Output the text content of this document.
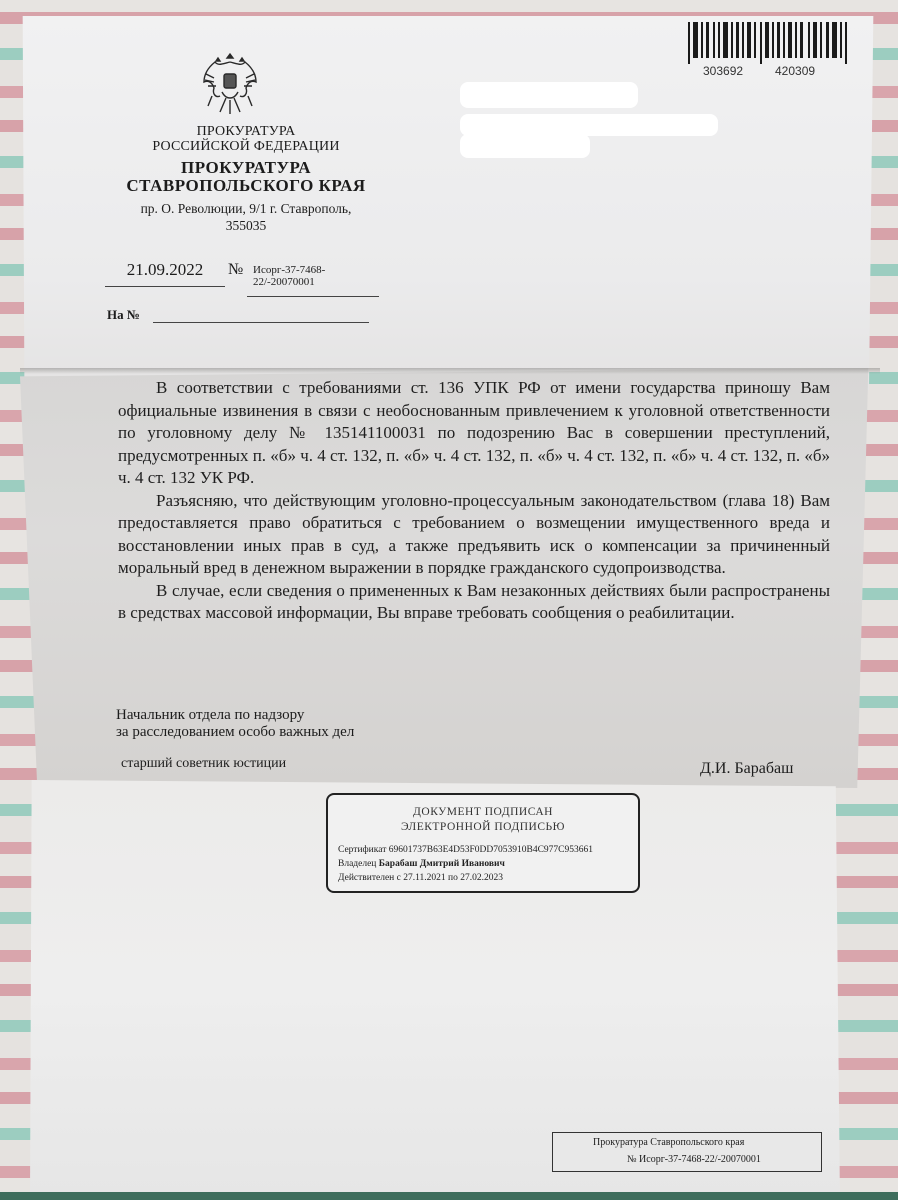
ПРОКУРАТУРА
РОССИЙСКОЙ ФЕДЕРАЦИИ
ПРОКУРАТУРА
СТАВРОПОЛЬСКОГО КРАЯ
пр. О. Революции, 9/1 г. Ставрополь,
355035
303692	420309
21.09.2022	№ Исорг-37-7468-22/-20070001
На №

В соответствии с требованиями ст. 136 УПК РФ от имени государства приношу Вам официальные извинения в связи с необоснованным привлечением к уголовной ответственности по уголовному делу № 135141100031 по подозрению Вас в совершении преступлений, предусмотренных п. «б» ч. 4 ст. 132, п. «б» ч. 4 ст. 132, п. «б» ч. 4 ст. 132, п. «б» ч. 4 ст. 132, п. «б» ч. 4 ст. 132 УК РФ.

Разъясняю, что действующим уголовно-процессуальным законодательством (глава 18) Вам предоставляется право обратиться с требованием о возмещении имущественного вреда и восстановлении иных прав в суд, а также предъявить иск о компенсации за причиненный моральный вред в денежном выражении в порядке гражданского судопроизводства.

В случае, если сведения о примененных к Вам незаконных действиях были распространены в средствах массовой информации, Вы вправе требовать сообщения о реабилитации.

Начальник отдела по надзору
за расследованием особо важных дел
старший советник юстиции	Д.И. Барабаш
ДОКУМЕНТ ПОДПИСАН
ЭЛЕКТРОННОЙ ПОДПИСЬЮ
Сертификат 69601737B63E4D53F0DD7053910B4C977C953661
Владелец Барабаш Дмитрий Иванович
Действителен с 27.11.2021 по 27.02.2023
Прокуратура Ставропольского края
№ Исорг-37-7468-22/-20070001
